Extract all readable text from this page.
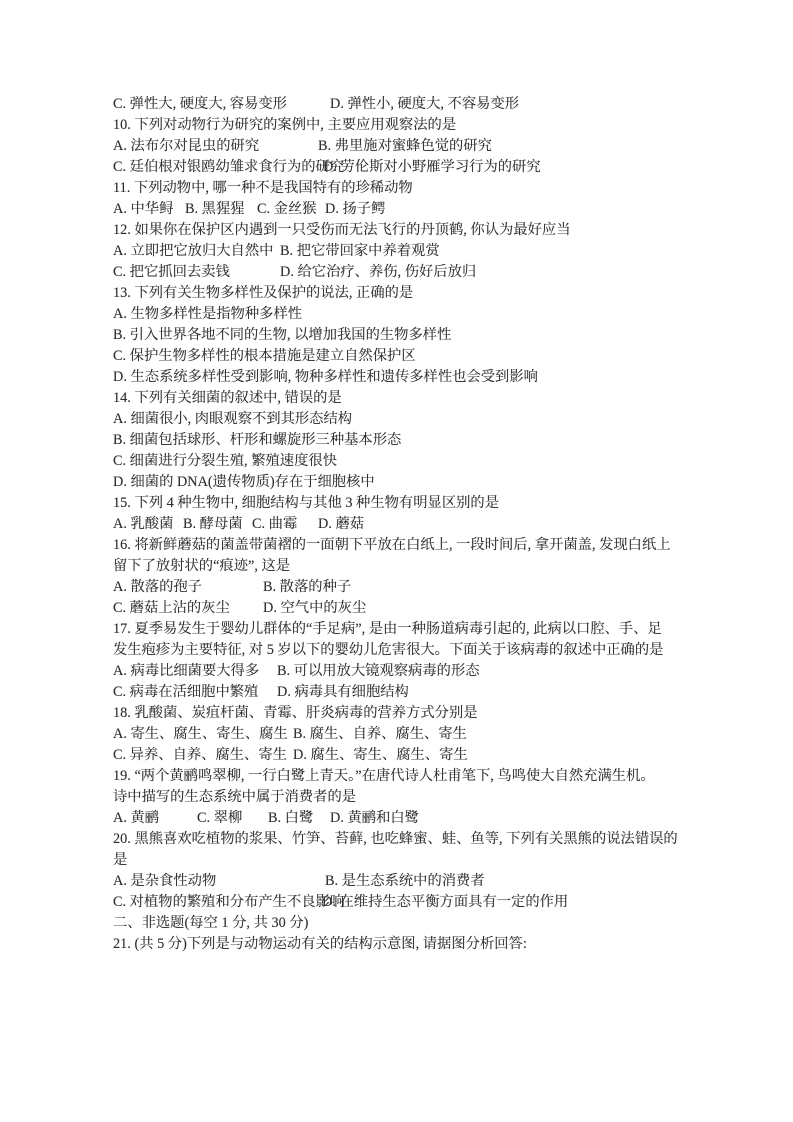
C. 弹性大, 硬度大, 容易变形	D. 弹性小, 硬度大, 不容易变形
10. 下列对动物行为研究的案例中, 主要应用观察法的是
A. 法布尔对昆虫的研究	B. 弗里施对蜜蜂色觉的研究
C. 廷伯根对银鸥幼雏求食行为的研究
D. 劳伦斯对小野雁学习行为的研究
11. 下列动物中, 哪一种不是我国特有的珍稀动物
A. 中华鲟 B. 黑猩猩 C. 金丝猴 D. 扬子鳄
12. 如果你在保护区内遇到一只受伤而无法飞行的丹顶鹤, 你认为最好应当
A. 立即把它放归大自然中 B. 把它带回家中养着观赏
C. 把它抓回去卖钱	D. 给它治疗、养伤, 伤好后放归
13. 下列有关生物多样性及保护的说法, 正确的是
A. 生物多样性是指物种多样性
B. 引入世界各地不同的生物, 以增加我国的生物多样性
C. 保护生物多样性的根本措施是建立自然保护区
D. 生态系统多样性受到影响, 物种多样性和遗传多样性也会受到影响
14. 下列有关细菌的叙述中, 错误的是
A. 细菌很小, 肉眼观察不到其形态结构
B. 细菌包括球形、杆形和螺旋形三种基本形态
C. 细菌进行分裂生殖, 繁殖速度很快
D. 细菌的 DNA(遗传物质)存在于细胞核中
15. 下列 4 种生物中, 细胞结构与其他 3 种生物有明显区别的是
A. 乳酸菌 B. 酵母菌 C. 曲霉 D. 蘑菇
16. 将新鲜蘑菇的菌盖带菌褶的一面朝下平放在白纸上, 一段时间后, 拿开菌盖, 发现白纸上
留下了放射状的“痕迹”, 这是
A. 散落的孢子	B. 散落的种子
C. 蘑菇上沾的灰尘 D. 空气中的灰尘
17. 夏季易发生于婴幼儿群体的“手足病”, 是由一种肠道病毒引起的, 此病以口腔、手、足
发生疱疹为主要特征, 对 5 岁以下的婴幼儿危害很大。下面关于该病毒的叙述中正确的是
A. 病毒比细菌要大得多 B. 可以用放大镜观察病毒的形态
C. 病毒在活细胞中繁殖 D. 病毒具有细胞结构
18. 乳酸菌、炭疽杆菌、青霉、肝炎病毒的营养方式分别是
A. 寄生、腐生、寄生、腐生 B. 腐生、自养、腐生、寄生
C. 异养、自养、腐生、寄生 D. 腐生、寄生、腐生、寄生
19. “两个黄鹂鸣翠柳, 一行白鹭上青天。”在唐代诗人杜甫笔下, 鸟鸣使大自然充满生机。
诗中描写的生态系统中属于消费者的是
A. 黄鹂	C. 翠柳 B. 白鹭 D. 黄鹂和白鹭
20. 黑熊喜欢吃植物的浆果、竹笋、苔藓, 也吃蜂蜜、蛙、鱼等, 下列有关黑熊的说法错误的
是
A. 是杂食性动物	B. 是生态系统中的消费者
C. 对植物的繁殖和分布产生不良影响
D. 在维持生态平衡方面具有一定的作用
二、非选题(每空 1 分, 共 30 分)
21. (共 5 分)下列是与动物运动有关的结构示意图, 请据图分析回答:
